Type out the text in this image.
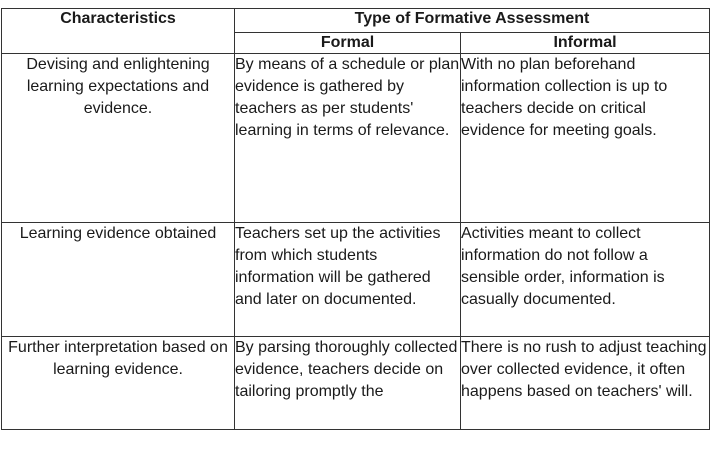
Characteristics	Type of Formative Assessment	
	Formal	Informal
Devising and enlightening learning expectations and evidence.	By means of a schedule or plan evidence is gathered by teachers as per students' learning in terms of relevance.	With no plan beforehand information collection is up to teachers decide on critical evidence for meeting goals.
Learning evidence obtained	Teachers set up the activities from which students information will be gathered and later on documented.	Activities meant to collect information do not follow a sensible order, information is casually documented.
Further interpretation based on learning evidence.	By parsing thoroughly collected evidence, teachers decide on tailoring promptly the	There is no rush to adjust teaching over collected evidence, it often happens based on teachers' will.
